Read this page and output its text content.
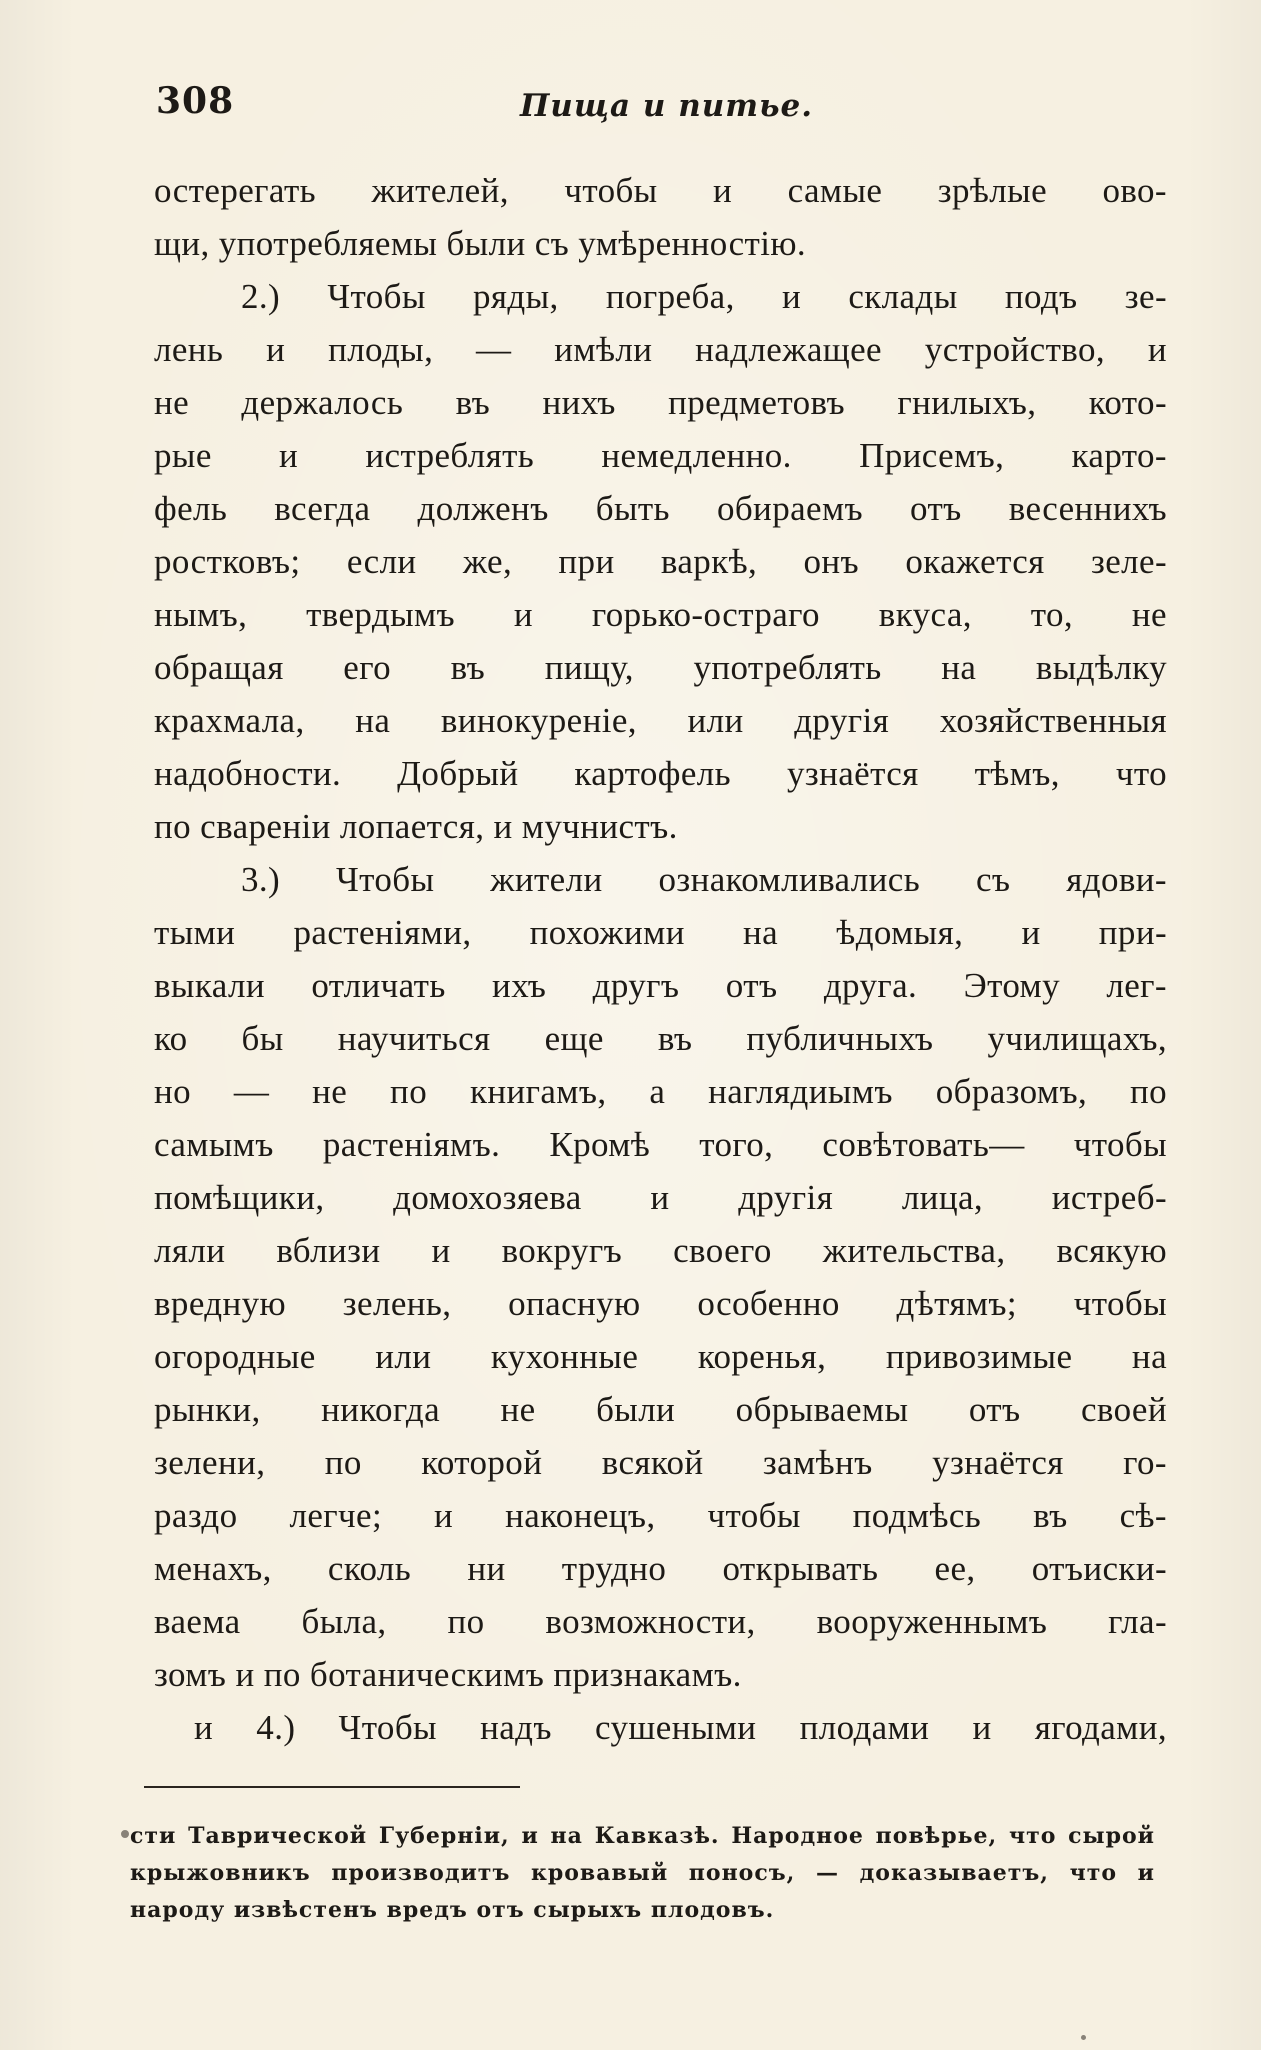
308	Пища и питье.
остерегать жителей, чтобы и самые зрѣлые ово-
щи, употребляемы были съ умѣренностію.
2.) Чтобы ряды, погреба, и склады подъ зе-
лень и плоды, — имѣли надлежащее устройство, и
не держалось въ нихъ предметовъ гнилыхъ, кото-
рые и истреблять немедленно. Присемъ, карто-
фель всегда долженъ быть обираемъ отъ весеннихъ
ростковъ; если же, при варкѣ, онъ окажется зеле-
нымъ, твердымъ и горько-остраго вкуса, то, не
обращая его въ пищу, употреблять на выдѣлку
крахмала, на винокуреніе, или другія хозяйственныя
надобности. Добрый картофель узнаётся тѣмъ, что
по свареніи лопается, и мучнистъ.
3.) Чтобы жители ознакомливались съ ядови-
тыми растеніями, похожими на ѣдомыя, и при-
выкали отличать ихъ другъ отъ друга. Этому лег-
ко бы научиться еще въ публичныхъ училищахъ,
но — не по книгамъ, а наглядиымъ образомъ, по
самымъ растеніямъ. Кромѣ того, совѣтовать— чтобы
помѣщики, домохозяева и другія лица, истреб-
ляли вблизи и вокругъ своего жительства, всякую
вредную зелень, опасную особенно дѣтямъ; чтобы
огородные или кухонные коренья, привозимые на
рынки, никогда не были обрываемы отъ своей
зелени, по которой всякой замѣнъ узнаётся го-
раздо легче; и наконецъ, чтобы подмѣсь въ сѣ-
менахъ, сколь ни трудно открывать ее, отъиски-
ваема была, по возможности, вооруженнымъ гла-
зомъ и по ботаническимъ признакамъ.
и 4.) Чтобы надъ сушеными плодами и ягодами,
сти Таврической Губерніи, и на Кавказѣ. Народное повѣрье, что сырой
крыжовникъ производитъ кровавый поносъ, — доказываетъ, что и
народу извѣстенъ вредъ отъ сырыхъ плодовъ.
